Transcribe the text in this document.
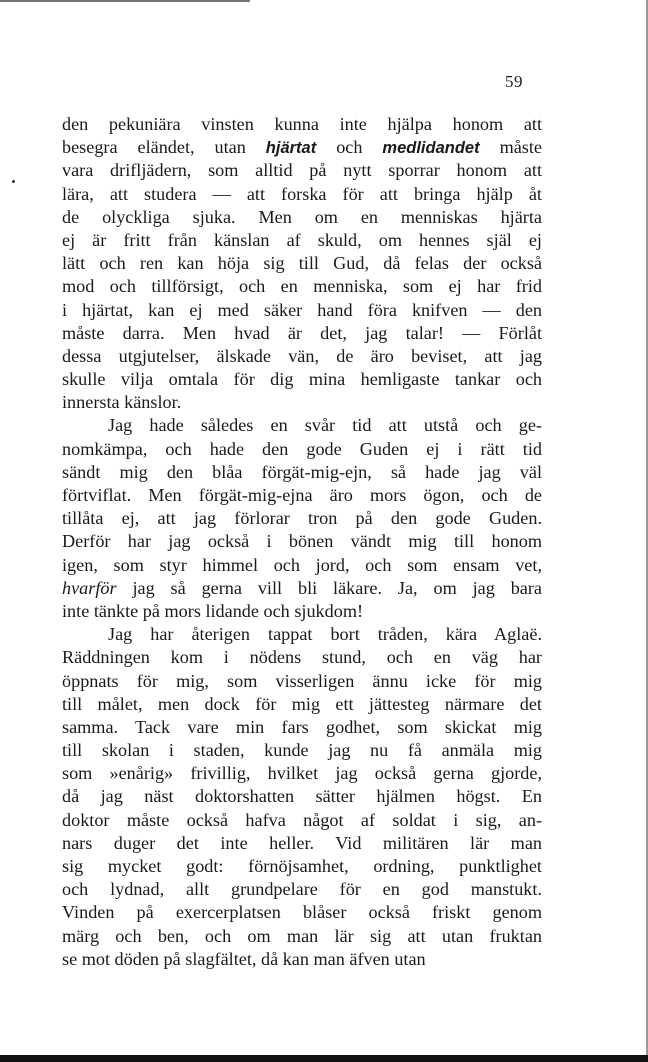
59

den pekuniära vinsten kunna inte hjälpa honom att
besegra eländet, utan hjärtat och medlidandet måste
vara drifljädern, som alltid på nytt sporrar honom att
lära, att studera — att forska för att bringa hjälp åt
de olyckliga sjuka. Men om en menniskas hjärta
ej är fritt från känslan af skuld, om hennes själ ej
lätt och ren kan höja sig till Gud, då felas der också
mod och tillförsigt, och en menniska, som ej har frid
i hjärtat, kan ej med säker hand föra knifven — den
måste darra. Men hvad är det, jag talar! — Förlåt
dessa utgjutelser, älskade vän, de äro beviset, att jag
skulle vilja omtala för dig mina hemligaste tankar och
innersta känslor.

Jag hade således en svår tid att utstå och ge-
nomkämpa, och hade den gode Guden ej i rätt tid
sändt mig den blåa förgät-mig-ejn, så hade jag väl
förtviflat. Men förgät-mig-ejna äro mors ögon, och de
tillåta ej, att jag förlorar tron på den gode Guden.
Derför har jag också i bönen vändt mig till honom
igen, som styr himmel och jord, och som ensam vet,
hvarför jag så gerna vill bli läkare. Ja, om jag bara
inte tänkte på mors lidande och sjukdom!

Jag har återigen tappat bort tråden, kära Aglaë.
Räddningen kom i nödens stund, och en väg har
öppnats för mig, som visserligen ännu icke för mig
till målet, men dock för mig ett jättesteg närmare det
samma. Tack vare min fars godhet, som skickat mig
till skolan i staden, kunde jag nu få anmäla mig
som »enårig» frivillig, hvilket jag också gerna gjorde,
då jag näst doktorshatten sätter hjälmen högst. En
doktor måste också hafva något af soldat i sig, an-
nars duger det inte heller. Vid militären lär man
sig mycket godt: förnöjsamhet, ordning, punktlighet
och lydnad, allt grundpelare för en god manstukt.
Vinden på exercerplatsen blåser också friskt genom
märg och ben, och om man lär sig att utan fruktan
se mot döden på slagfältet, då kan man äfven utan
